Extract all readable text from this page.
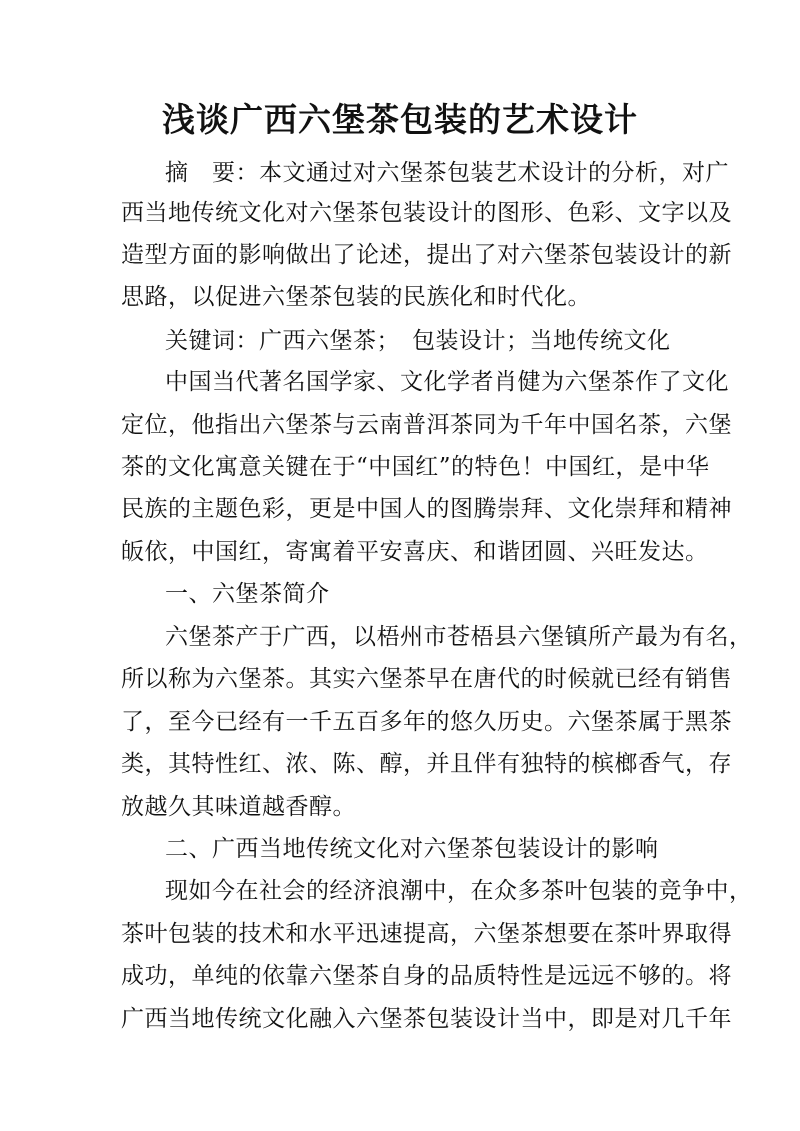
浅谈广西六堡茶包装的艺术设计
摘　要：本文通过对六堡茶包装艺术设计的分析，对广
西当地传统文化对六堡茶包装设计的图形、色彩、文字以及
造型方面的影响做出了论述，提出了对六堡茶包装设计的新
思路，以促进六堡茶包装的民族化和时代化。
关键词：广西六堡茶；　包装设计；当地传统文化
中国当代著名国学家、文化学者肖健为六堡茶作了文化
定位，他指出六堡茶与云南普洱茶同为千年中国名茶，六堡
茶的文化寓意关键在于“中国红”的特色！中国红，是中华
民族的主题色彩，更是中国人的图腾崇拜、文化崇拜和精神
皈依，中国红，寄寓着平安喜庆、和谐团圆、兴旺发达。
一、六堡茶简介
六堡茶产于广西，以梧州市苍梧县六堡镇所产最为有名，
所以称为六堡茶。其实六堡茶早在唐代的时候就已经有销售
了，至今已经有一千五百多年的悠久历史。六堡茶属于黑茶
类，其特性红、浓、陈、醇，并且伴有独特的槟榔香气，存
放越久其味道越香醇。
二、广西当地传统文化对六堡茶包装设计的影响
现如今在社会的经济浪潮中，在众多茶叶包装的竞争中，
茶叶包装的技术和水平迅速提高，六堡茶想要在茶叶界取得
成功，单纯的依靠六堡茶自身的品质特性是远远不够的。将
广西当地传统文化融入六堡茶包装设计当中，即是对几千年
